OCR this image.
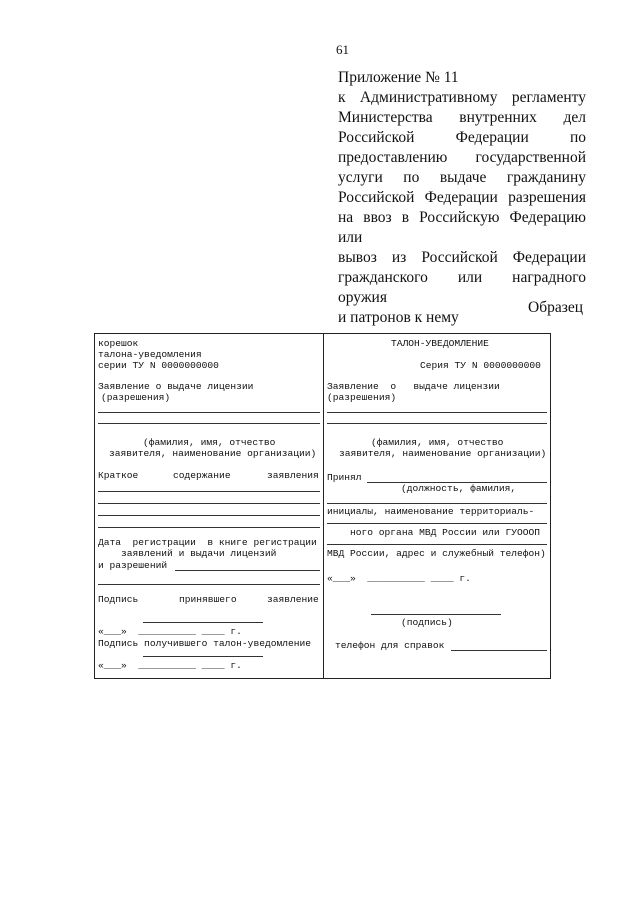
61
Приложение № 11
к Административному регламенту
Министерства внутренних дел
Российской Федерации по
предоставлению государственной
услуги по выдаче гражданину
Российской Федерации разрешения
на ввоз в Российскую Федерацию или
вывоз из Российской Федерации
гражданского или наградного оружия
и патронов к нему
Образец
корешок
талона-уведомления
серии ТУ N 0000000000
Заявление о выдаче лицензии
(разрешения)
(фамилия, имя, отчество
заявителя, наименование организации)
Краткое	содержание	заявления
Дата  регистрации  в книге регистрации
заявлений и выдачи лицензий
и разрешений
Подпись	принявшего	заявление
«___»  __________ ____ г.
Подпись получившего талон-уведомление
«___»  __________ ____ г.
ТАЛОН-УВЕДОМЛЕНИЕ
Серия ТУ N 0000000000
Заявление  о   выдаче лицензии
(разрешения)
(фамилия, имя, отчество
заявителя, наименование организации)
Принял
(должность, фамилия,
инициалы, наименование территориаль-
ного органа МВД России или ГУОООП
МВД России, адрес и служебный телефон)
«___»  __________ ____ г.
(подпись)
телефон для справок
